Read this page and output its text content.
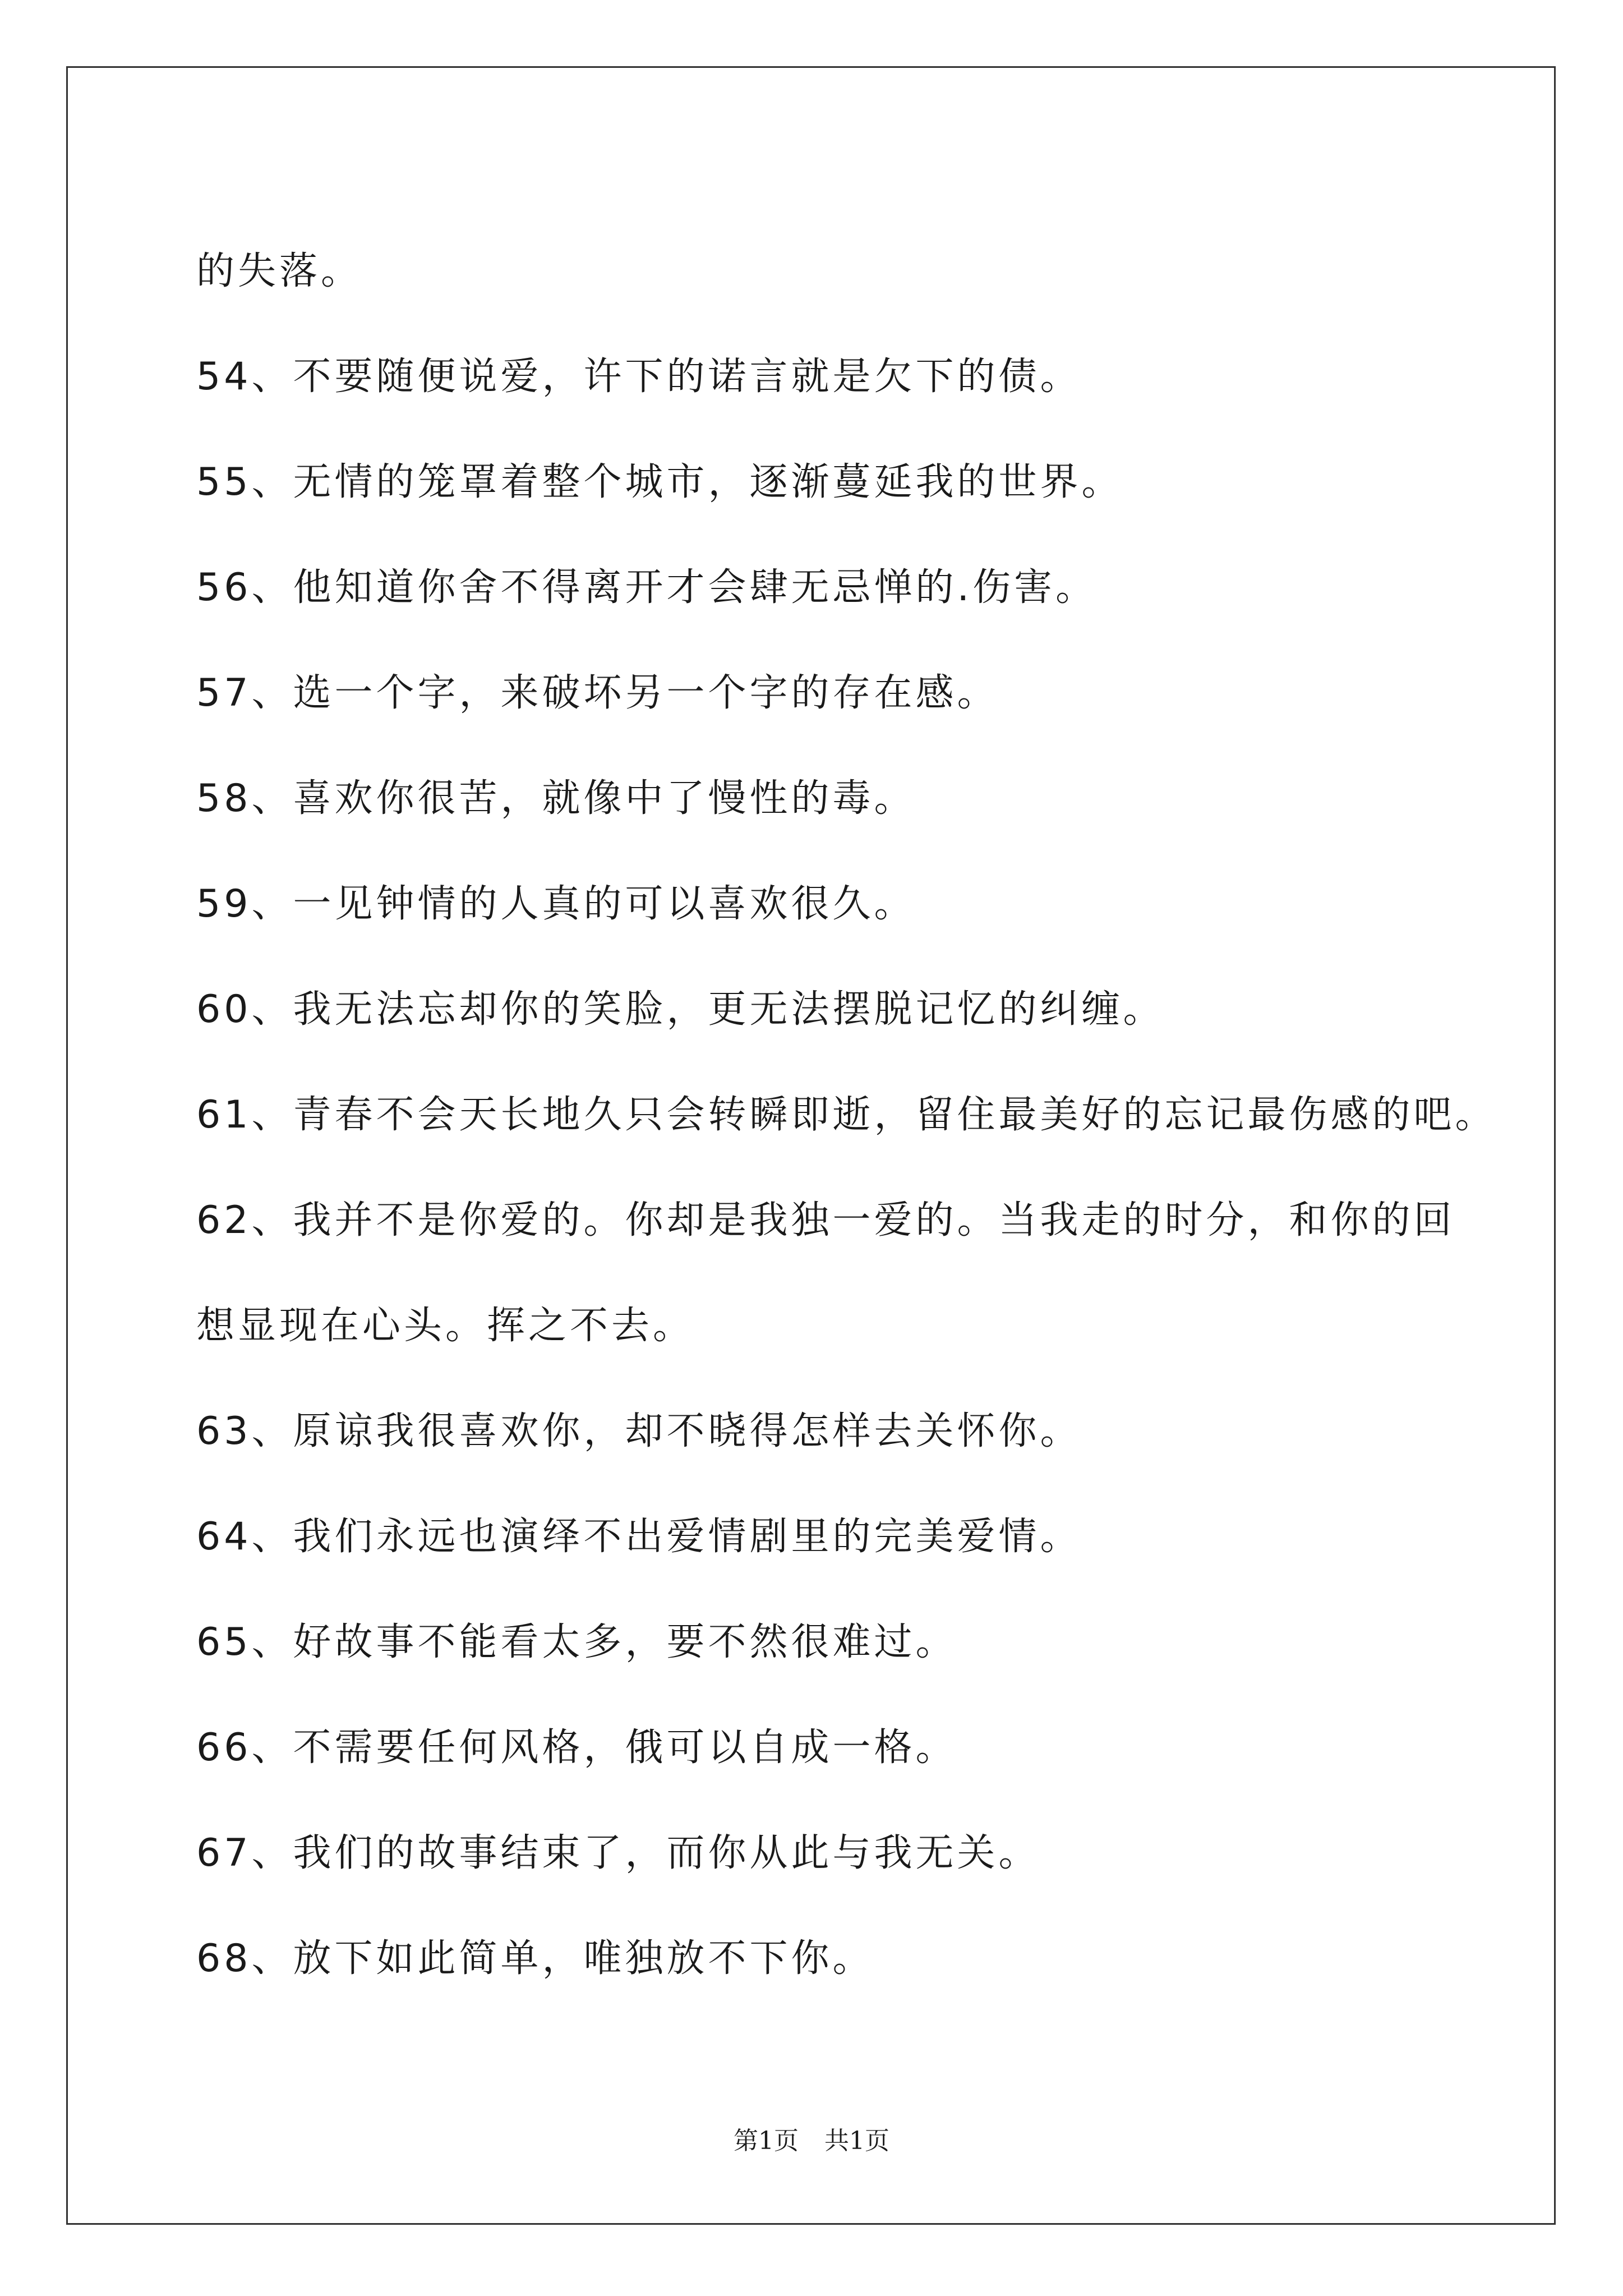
的失落。
54、不要随便说爱，许下的诺言就是欠下的债。
55、无情的笼罩着整个城市，逐渐蔓延我的世界。
56、他知道你舍不得离开才会肆无忌惮的.伤害。
57、选一个字，来破坏另一个字的存在感。
58、喜欢你很苦，就像中了慢性的毒。
59、一见钟情的人真的可以喜欢很久。
60、我无法忘却你的笑脸，更无法摆脱记忆的纠缠。
61、青春不会天长地久只会转瞬即逝，留住最美好的忘记最伤感的吧。
62、我并不是你爱的。你却是我独一爱的。当我走的时分，和你的回
想显现在心头。挥之不去。
63、原谅我很喜欢你，却不晓得怎样去关怀你。
64、我们永远也演绎不出爱情剧里的完美爱情。
65、好故事不能看太多，要不然很难过。
66、不需要任何风格，俄可以自成一格。
67、我们的故事结束了，而你从此与我无关。
68、放下如此简单，唯独放不下你。
第1页 共1页
